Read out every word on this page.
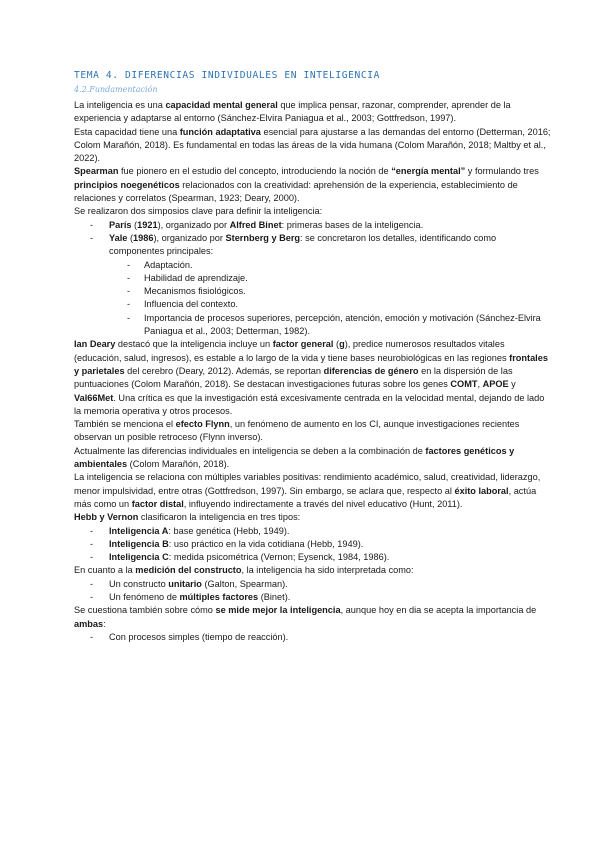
TEMA 4. DIFERENCIAS INDIVIDUALES EN INTELIGENCIA
4.2.Fundamentación

La inteligencia es una capacidad mental general que implica pensar, razonar, comprender, aprender de la experiencia y adaptarse al entorno (Sánchez-Elvira Paniagua et al., 2003; Gottfredson, 1997).

Esta capacidad tiene una función adaptativa esencial para ajustarse a las demandas del entorno (Detterman, 2016; Colom Marañón, 2018). Es fundamental en todas las áreas de la vida humana (Colom Marañón, 2018; Maltby et al., 2022).

Spearman fue pionero en el estudio del concepto, introduciendo la noción de “energía mental” y formulando tres principios noegenéticos relacionados con la creatividad: aprehensión de la experiencia, establecimiento de relaciones y correlatos (Spearman, 1923; Deary, 2000).

Se realizaron dos simposios clave para definir la inteligencia:

- París (1921), organizado por Alfred Binet: primeras bases de la inteligencia.
- Yale (1986), organizado por Sternberg y Berg: se concretaron los detalles, identificando como componentes principales:
- Adaptación.
- Habilidad de aprendizaje.
- Mecanismos fisiológicos.
- Influencia del contexto.
- Importancia de procesos superiores, percepción, atención, emoción y motivación (Sánchez-Elvira Paniagua et al., 2003; Detterman, 1982).

Ian Deary destacó que la inteligencia incluye un factor general (g), predice numerosos resultados vitales (educación, salud, ingresos), es estable a lo largo de la vida y tiene bases neurobiológicas en las regiones frontales y parietales del cerebro (Deary, 2012). Además, se reportan diferencias de género en la dispersión de las puntuaciones (Colom Marañón, 2018). Se destacan investigaciones futuras sobre los genes COMT, APOE y Val66Met. Una crítica es que la investigación está excesivamente centrada en la velocidad mental, dejando de lado la memoria operativa y otros procesos.

También se menciona el efecto Flynn, un fenómeno de aumento en los CI, aunque investigaciones recientes observan un posible retroceso (Flynn inverso).

Actualmente las diferencias individuales en inteligencia se deben a la combinación de factores genéticos y ambientales (Colom Marañón, 2018).

La inteligencia se relaciona con múltiples variables positivas: rendimiento académico, salud, creatividad, liderazgo, menor impulsividad, entre otras (Gottfredson, 1997). Sin embargo, se aclara que, respecto al éxito laboral, actúa más como un factor distal, influyendo indirectamente a través del nivel educativo (Hunt, 2011).

Hebb y Vernon clasificaron la inteligencia en tres tipos:

- Inteligencia A: base genética (Hebb, 1949).
- Inteligencia B: uso práctico en la vida cotidiana (Hebb, 1949).
- Inteligencia C: medida psicométrica (Vernon; Eysenck, 1984, 1986).

En cuanto a la medición del constructo, la inteligencia ha sido interpretada como:

- Un constructo unitario (Galton, Spearman).
- Un fenómeno de múltiples factores (Binet).

Se cuestiona también sobre cómo se mide mejor la inteligencia, aunque hoy en dia se acepta la importancia de ambas:

- Con procesos simples (tiempo de reacción).
